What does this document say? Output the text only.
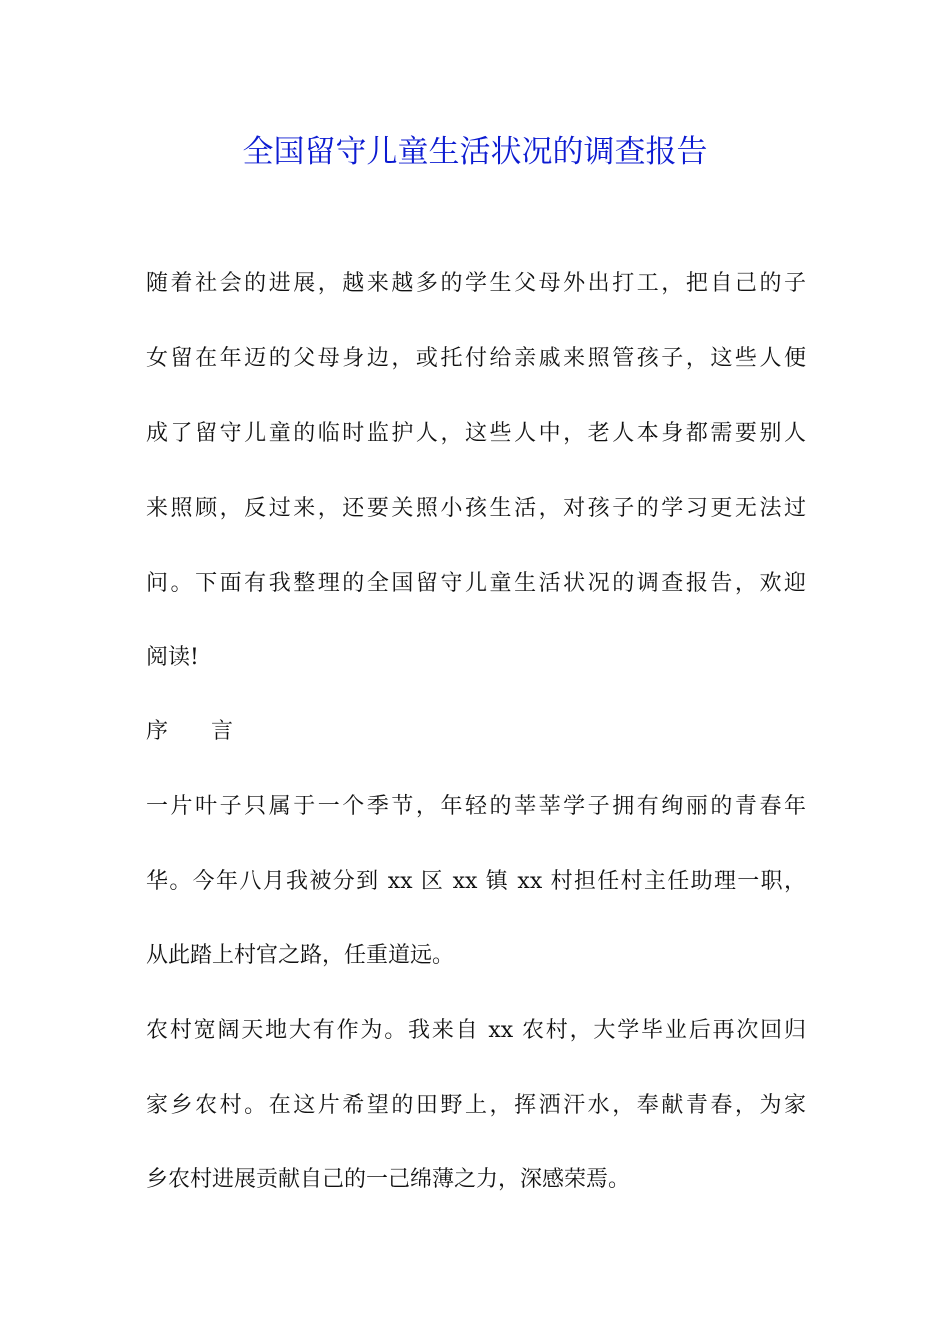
全国留守儿童生活状况的调查报告

随着社会的进展，越来越多的学生父母外出打工，把自己的子

女留在年迈的父母身边，或托付给亲戚来照管孩子，这些人便

成了留守儿童的临时监护人，这些人中，老人本身都需要别人

来照顾，反过来，还要关照小孩生活，对孩子的学习更无法过

问。下面有我整理的全国留守儿童生活状况的调查报告，欢迎

阅读!

序 言

一片叶子只属于一个季节，年轻的莘莘学子拥有绚丽的青春年

华。今年八月我被分到 xx 区 xx 镇 xx 村担任村主任助理一职，

从此踏上村官之路，任重道远。

农村宽阔天地大有作为。我来自 xx 农村，大学毕业后再次回归

家乡农村。在这片希望的田野上，挥洒汗水，奉献青春，为家

乡农村进展贡献自己的一己绵薄之力，深感荣焉。
